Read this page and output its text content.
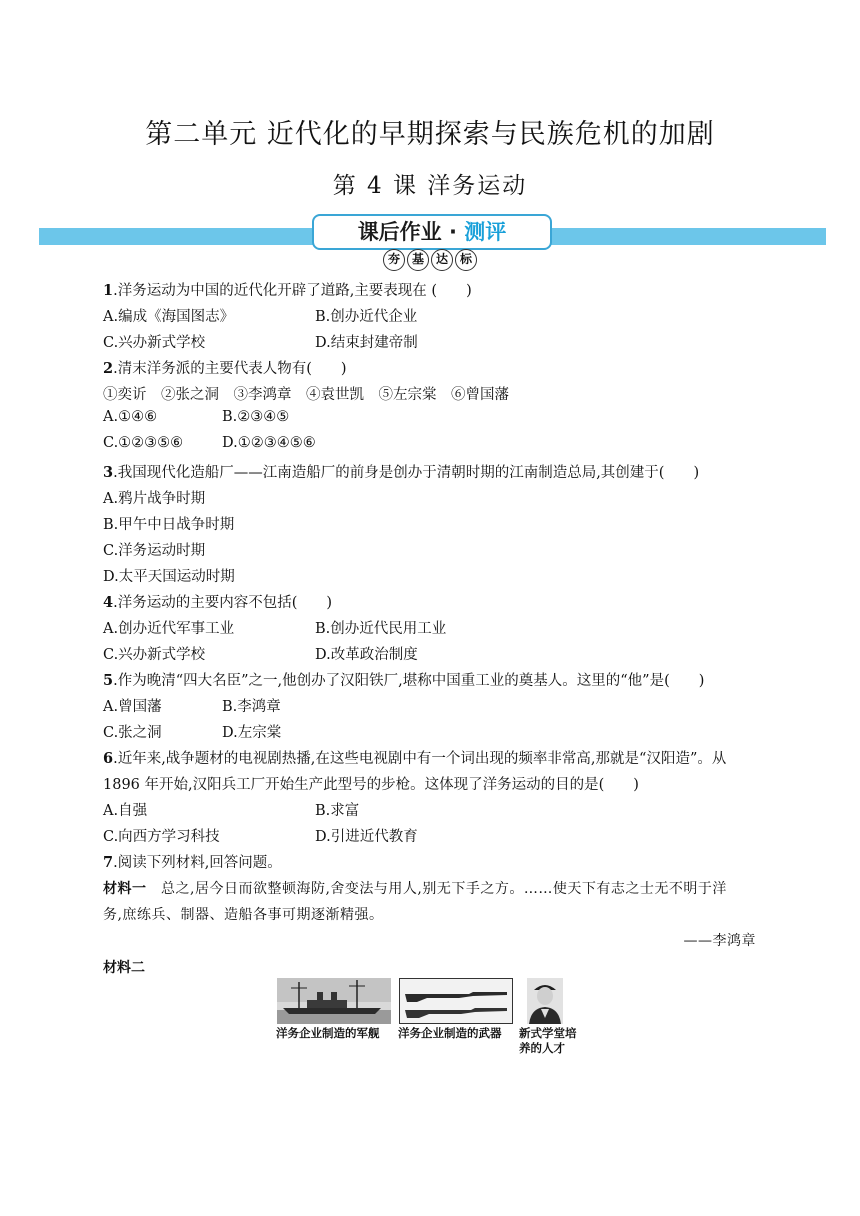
第二单元 近代化的早期探索与民族危机的加剧
第 4 课 洋务运动
课后作业 · 测评
夯 基 达 标
1.洋务运动为中国的近代化开辟了道路,主要表现在 (　　)
A.编成《海国图志》	B.创办近代企业
C.兴办新式学校	D.结束封建帝制
2.清末洋务派的主要代表人物有(　　)
①奕䜣　②张之洞　③李鸿章　④袁世凯　⑤左宗棠　⑥曾国藩
A.①④⑥	B.②③④⑤
C.①②③⑤⑥	D.①②③④⑤⑥
3.我国现代化造船厂——江南造船厂的前身是创办于清朝时期的江南制造总局,其创建于(　　)
A.鸦片战争时期
B.甲午中日战争时期
C.洋务运动时期
D.太平天国运动时期
4.洋务运动的主要内容不包括(　　)
A.创办近代军事工业	B.创办近代民用工业
C.兴办新式学校	D.改革政治制度
5.作为晚清“四大名臣”之一,他创办了汉阳铁厂,堪称中国重工业的奠基人。这里的“他”是(　　)
A.曾国藩	B.李鸿章
C.张之洞	D.左宗棠
6.近年来,战争题材的电视剧热播,在这些电视剧中有一个词出现的频率非常高,那就是“汉阳造”。从
1896 年开始,汉阳兵工厂开始生产此型号的步枪。这体现了洋务运动的目的是(　　)
A.自强	B.求富
C.向西方学习科技	D.引进近代教育
7.阅读下列材料,回答问题。
材料一　总之,居今日而欲整顿海防,舍变法与用人,别无下手之方。……使天下有志之士无不明于洋
务,庶练兵、制器、造船各事可期逐渐精强。
——李鸿章
材料二
洋务企业制造的军舰 洋务企业制造的武器 新式学堂培
养的人才
